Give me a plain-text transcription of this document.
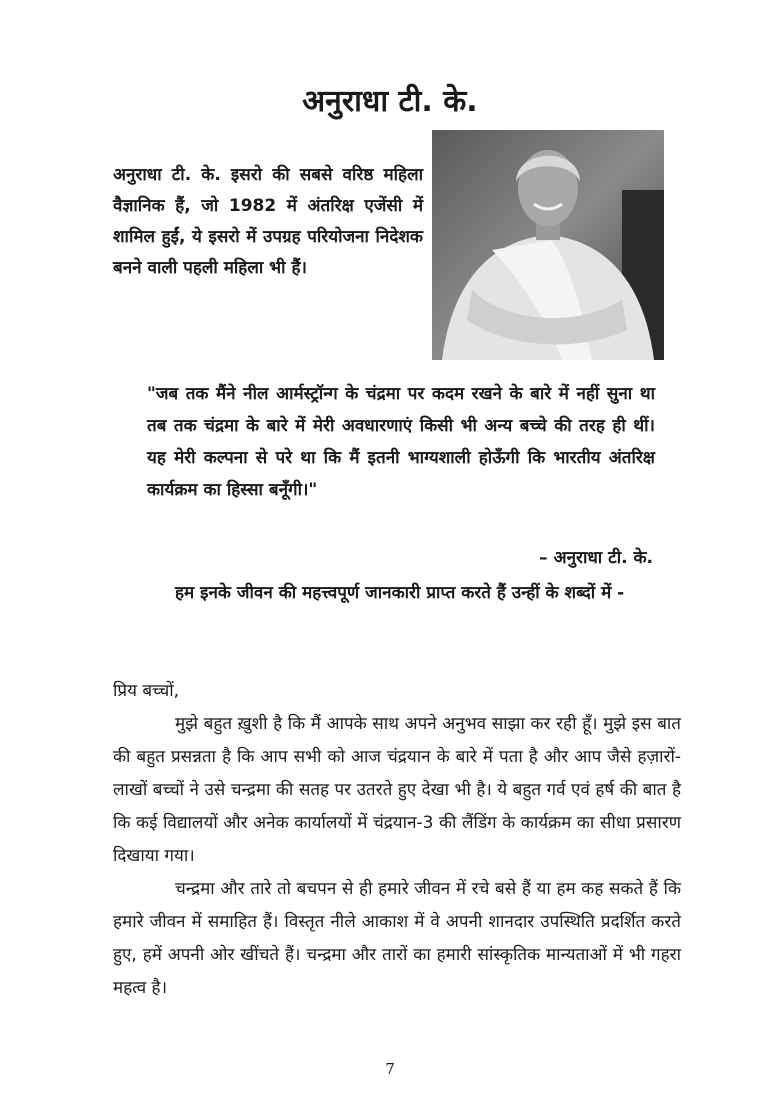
अनुराधा टी. के.

अनुराधा टी. के. इसरो की सबसे वरिष्ठ महिला वैज्ञानिक हैं, जो 1982 में अंतरिक्ष एजेंसी में शामिल हुईं, ये इसरो में उपग्रह परियोजना निदेशक बनने वाली पहली महिला भी हैं।

"जब तक मैंने नील आर्मस्ट्रॉन्ग के चंद्रमा पर कदम रखने के बारे में नहीं सुना था तब तक चंद्रमा के बारे में मेरी अवधारणाएं किसी भी अन्य बच्चे की तरह ही थीं। यह मेरी कल्पना से परे था कि मैं इतनी भाग्यशाली होऊँगी कि भारतीय अंतरिक्ष कार्यक्रम का हिस्सा बनूँगी।"

– अनुराधा टी. के.

हम इनके जीवन की महत्त्वपूर्ण जानकारी प्राप्त करते हैं उन्हीं के शब्दों में -

प्रिय बच्चों,

मुझे बहुत ख़ुशी है कि मैं आपके साथ अपने अनुभव साझा कर रही हूँ। मुझे इस बात की बहुत प्रसन्नता है कि आप सभी को आज चंद्रयान के बारे में पता है और आप जैसे हज़ारों-लाखों बच्चों ने उसे चन्द्रमा की सतह पर उतरते हुए देखा भी है। ये बहुत गर्व एवं हर्ष की बात है कि कई विद्यालयों और अनेक कार्यालयों में चंद्रयान-3 की लैंडिंग के कार्यक्रम का सीधा प्रसारण दिखाया गया।

चन्द्रमा और तारे तो बचपन से ही हमारे जीवन में रचे बसे हैं या हम कह सकते हैं कि हमारे जीवन में समाहित हैं। विस्तृत नीले आकाश में वे अपनी शानदार उपस्थिति प्रदर्शित करते हुए, हमें अपनी ओर खींचते हैं। चन्द्रमा और तारों का हमारी सांस्कृतिक मान्यताओं में भी गहरा महत्व है।

7
